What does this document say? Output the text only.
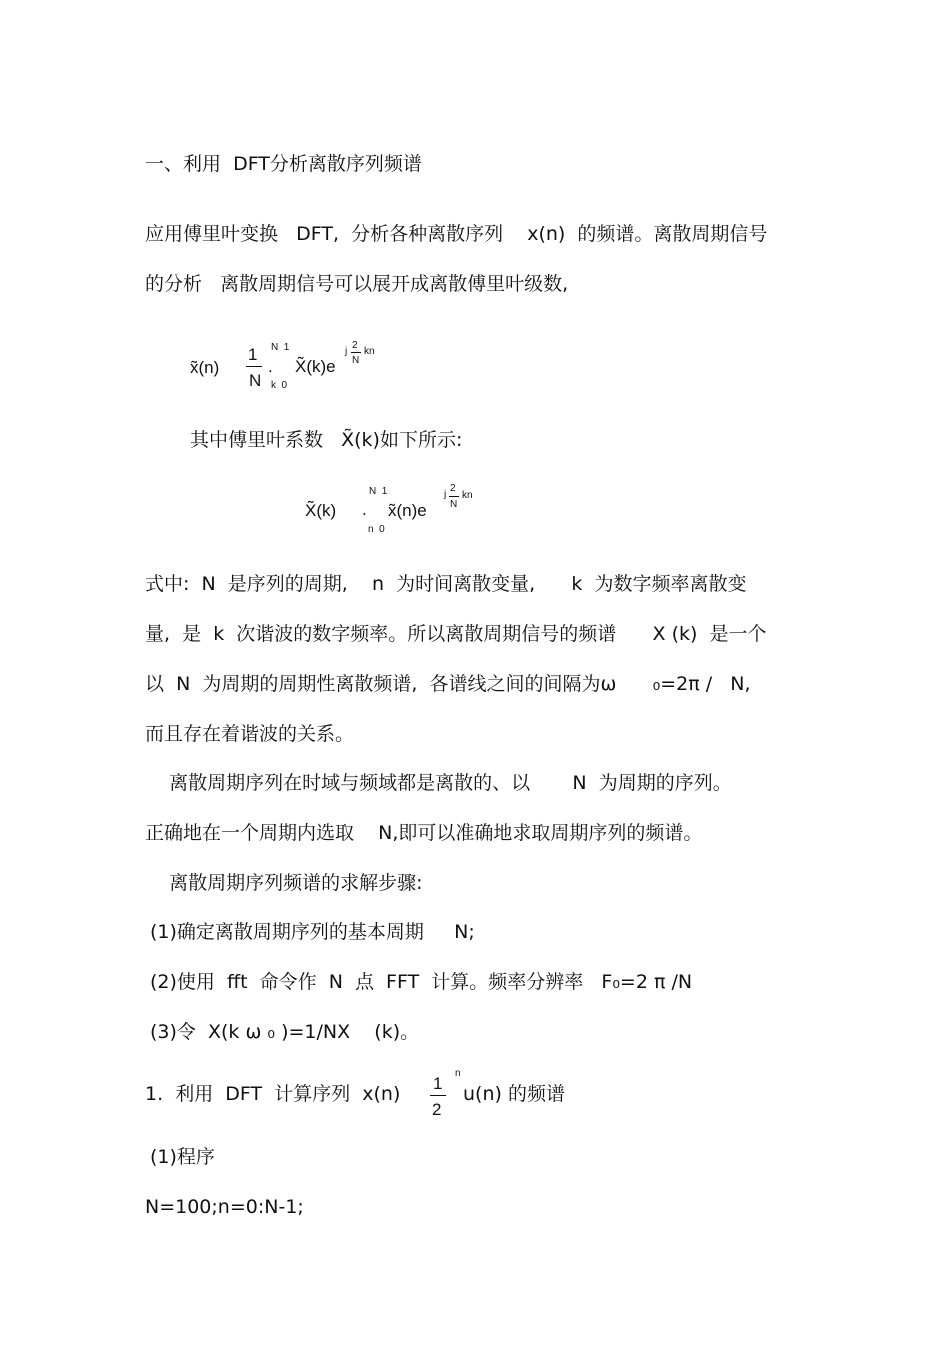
一、利用  DFT分析离散序列频谱
应用傅里叶变换   DFT,  分析各种离散序列    x(n)  的频谱。离散周期信号
的分析   离散周期信号可以展开成离散傅里叶级数,
x̃(n)
1
N
N  1
.
k  0
X̃(k)e
j
2
N
kn
其中傅里叶系数   X̃(k)如下所示:
X̃(k)
N  1
.
n  0
x̃(n)e
j
2
N
kn
式中:  N  是序列的周期,    n  为时间离散变量,      k  为数字频率离散变
量,  是  k  次谐波的数字频率。所以离散周期信号的频谱      X (k)  是一个
以  N  为周期的周期性离散频谱,  各谱线之间的间隔为ω      ₀=2π /   N,
而且存在着谐波的关系。
离散周期序列在时域与频域都是离散的、以       N  为周期的序列。
正确地在一个周期内选取    N,即可以准确地求取周期序列的频谱。
离散周期序列频谱的求解步骤:
(1)确定离散周期序列的基本周期     N;
(2)使用  fft  命令作  N  点  FFT  计算。频率分辨率   F₀=2 π /N
(3)令  X(k ω ₀ )=1/NX    (k)。
1.  利用  DFT  计算序列  x(n) 1
2
n
u(n) 的频谱
(1)程序
N=100;n=0:N-1;
